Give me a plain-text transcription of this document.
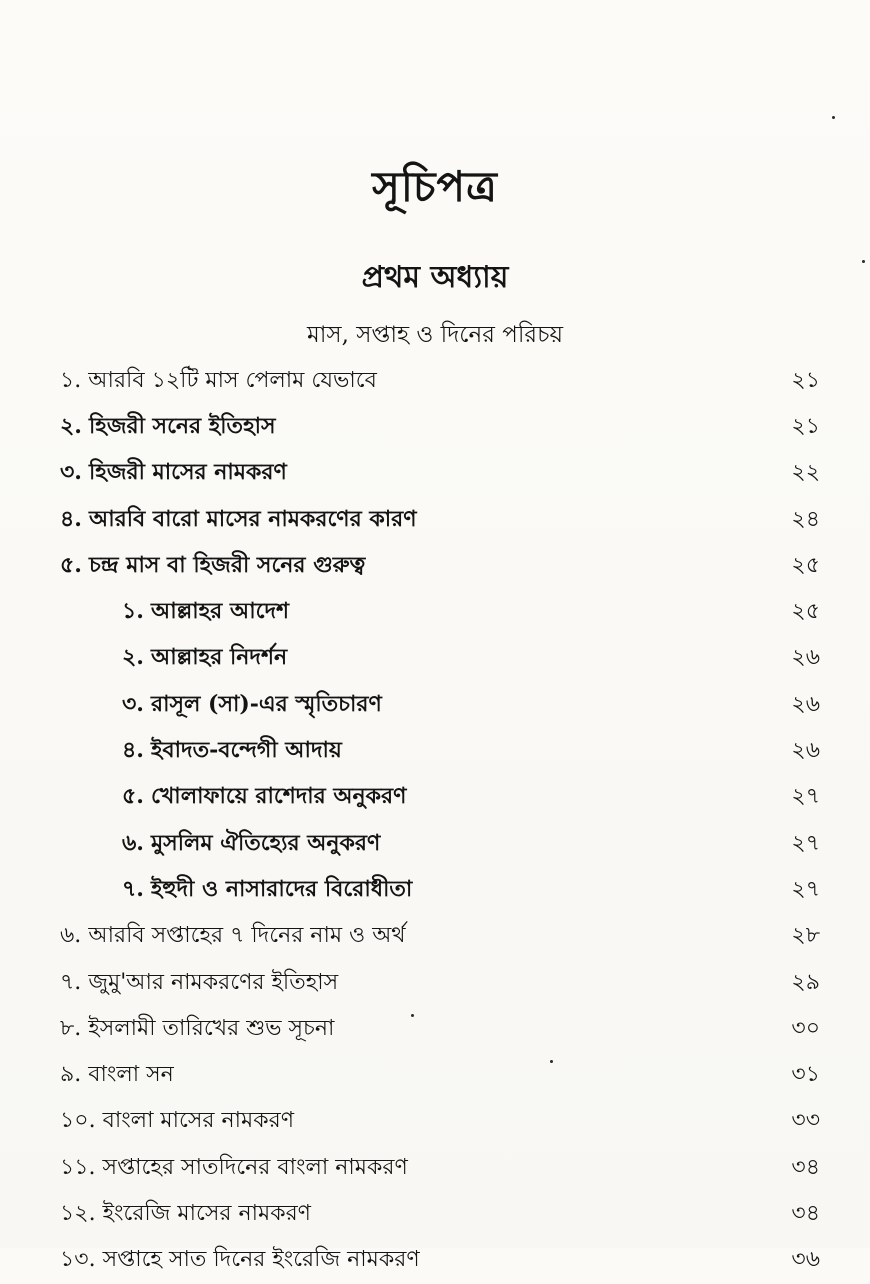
সূচিপত্র
প্রথম অধ্যায়
মাস, সপ্তাহ ও দিনের পরিচয়
১. আরবি ১২টি মাস পেলাম যেভাবে	২১
২. হিজরী সনের ইতিহাস	২১
৩. হিজরী মাসের নামকরণ	২২
৪. আরবি বারো মাসের নামকরণের কারণ	২৪
৫. চন্দ্র মাস বা হিজরী সনের গুরুত্ব	২৫
১. আল্লাহর আদেশ	২৫
২. আল্লাহর নিদর্শন	২৬
৩. রাসূল (সা)-এর স্মৃতিচারণ	২৬
৪. ইবাদত-বন্দেগী আদায়	২৬
৫. খোলাফায়ে রাশেদার অনুকরণ	২৭
৬. মুসলিম ঐতিহ্যের অনুকরণ	২৭
৭. ইহুদী ও নাসারাদের বিরোধীতা	২৭
৬. আরবি সপ্তাহের ৭ দিনের নাম ও অর্থ	২৮
৭. জুমু'আর নামকরণের ইতিহাস	২৯
৮. ইসলামী তারিখের শুভ সূচনা	৩০
৯. বাংলা সন	৩১
১০. বাংলা মাসের নামকরণ	৩৩
১১. সপ্তাহের সাতদিনের বাংলা নামকরণ	৩৪
১২. ইংরেজি মাসের নামকরণ	৩৪
১৩. সপ্তাহে সাত দিনের ইংরেজি নামকরণ	৩৬
